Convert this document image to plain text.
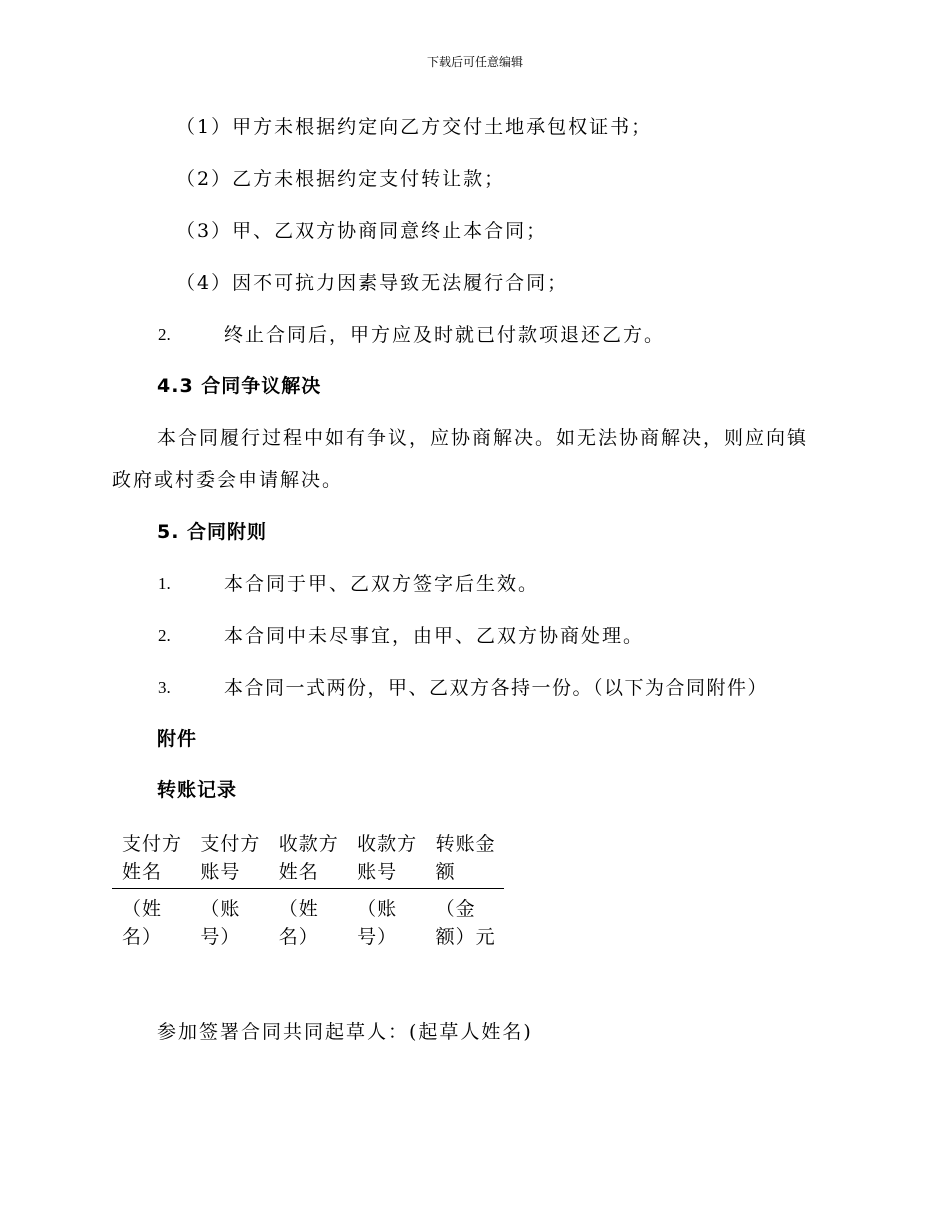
下载后可任意编辑
（1）甲方未根据约定向乙方交付土地承包权证书；
（2）乙方未根据约定支付转让款；
（3）甲、乙双方协商同意终止本合同；
（4）因不可抗力因素导致无法履行合同；
2.	终止合同后，甲方应及时就已付款项退还乙方。
4.3 合同争议解决
本合同履行过程中如有争议，应协商解决。如无法协商解决，则应向镇
政府或村委会申请解决。
5. 合同附则
1.	本合同于甲、乙双方签字后生效。
2.	本合同中未尽事宜，由甲、乙双方协商处理。
3.	本合同一式两份，甲、乙双方各持一份。（以下为合同附件）
附件
转账记录
支付方姓名	支付方账号	收款方姓名	收款方账号	转账金额
（姓名）	（账号）	（姓名）	（账号）	（金额）元
参加签署合同共同起草人：(起草人姓名)
